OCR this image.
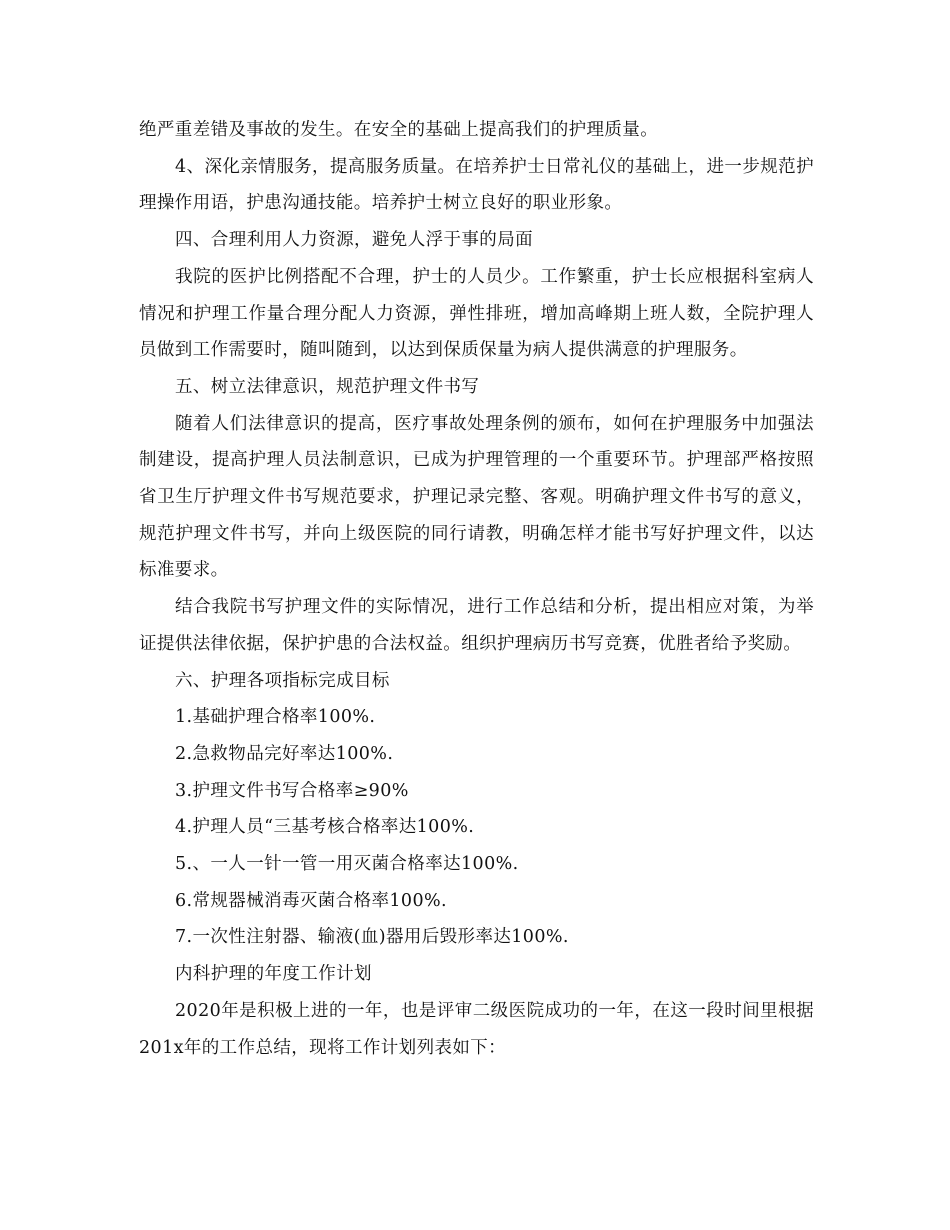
绝严重差错及事故的发生。在安全的基础上提高我们的护理质量。

4、深化亲情服务，提高服务质量。在培养护士日常礼仪的基础上，进一步规范护理操作用语，护患沟通技能。培养护士树立良好的职业形象。

四、合理利用人力资源，避免人浮于事的局面

我院的医护比例搭配不合理，护士的人员少。工作繁重，护士长应根据科室病人情况和护理工作量合理分配人力资源，弹性排班，增加高峰期上班人数，全院护理人员做到工作需要时，随叫随到，以达到保质保量为病人提供满意的护理服务。

五、树立法律意识，规范护理文件书写

随着人们法律意识的提高，医疗事故处理条例的颁布，如何在护理服务中加强法制建设，提高护理人员法制意识，已成为护理管理的一个重要环节。护理部严格按照省卫生厅护理文件书写规范要求，护理记录完整、客观。明确护理文件书写的意义，规范护理文件书写，并向上级医院的同行请教，明确怎样才能书写好护理文件，以达标准要求。

结合我院书写护理文件的实际情况，进行工作总结和分析，提出相应对策，为举证提供法律依据，保护护患的合法权益。组织护理病历书写竞赛，优胜者给予奖励。

六、护理各项指标完成目标

1.基础护理合格率100%.

2.急救物品完好率达100%.

3.护理文件书写合格率≥90%

4.护理人员“三基考核合格率达100%.

5.、一人一针一管一用灭菌合格率达100%.

6.常规器械消毒灭菌合格率100%.

7.一次性注射器、输液(血)器用后毁形率达100%.

内科护理的年度工作计划

2020年是积极上进的一年，也是评审二级医院成功的一年，在这一段时间里根据201x年的工作总结，现将工作计划列表如下：
